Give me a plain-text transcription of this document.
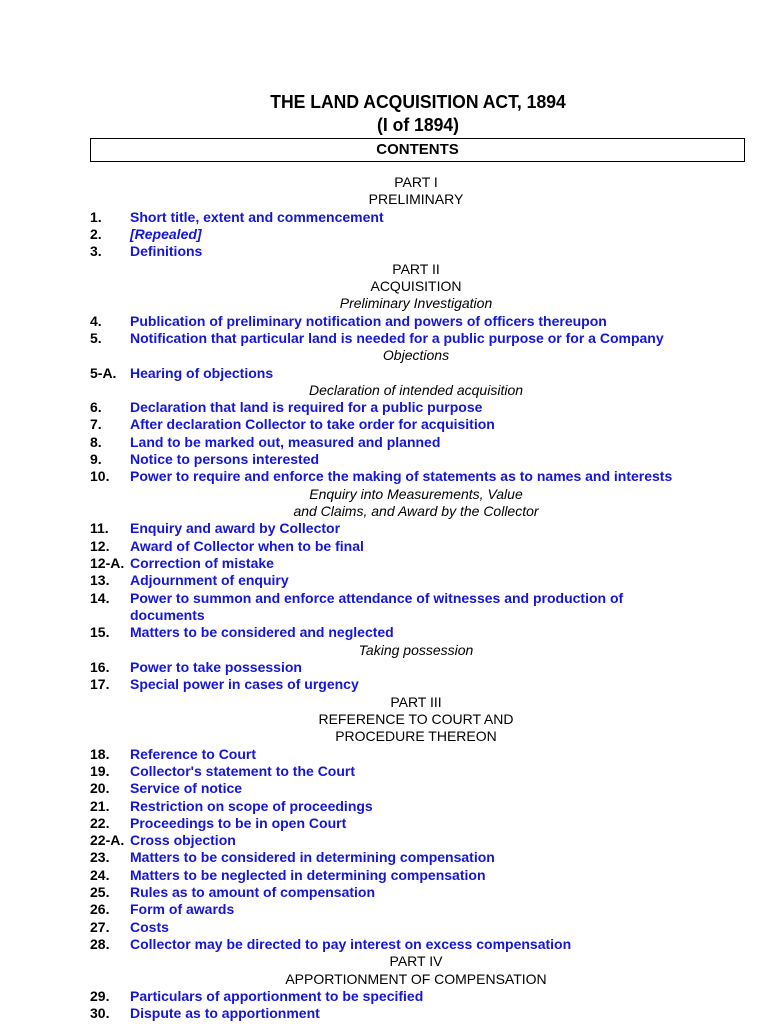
THE LAND ACQUISITION ACT, 1894
(I of 1894)
CONTENTS
PART I
PRELIMINARY
1. Short title, extent and commencement
2. [Repealed]
3. Definitions
PART II
ACQUISITION
Preliminary Investigation
4. Publication of preliminary notification and powers of officers thereupon
5. Notification that particular land is needed for a public purpose or for a Company
Objections
5-A. Hearing of objections
Declaration of intended acquisition
6. Declaration that land is required for a public purpose
7. After declaration Collector to take order for acquisition
8. Land to be marked out, measured and planned
9. Notice to persons interested
10. Power to require and enforce the making of statements as to names and interests
Enquiry into Measurements, Value
and Claims, and Award by the Collector
11. Enquiry and award by Collector
12. Award of Collector when to be final
12-A. Correction of mistake
13. Adjournment of enquiry
14. Power to summon and enforce attendance of witnesses and production of
documents
15. Matters to be considered and neglected
Taking possession
16. Power to take possession
17. Special power in cases of urgency
PART III
REFERENCE TO COURT AND
PROCEDURE THEREON
18. Reference to Court
19. Collector's statement to the Court
20. Service of notice
21. Restriction on scope of proceedings
22. Proceedings to be in open Court
22-A. Cross objection
23. Matters to be considered in determining compensation
24. Matters to be neglected in determining compensation
25. Rules as to amount of compensation
26. Form of awards
27. Costs
28. Collector may be directed to pay interest on excess compensation
PART IV
APPORTIONMENT OF COMPENSATION
29. Particulars of apportionment to be specified
30. Dispute as to apportionment
